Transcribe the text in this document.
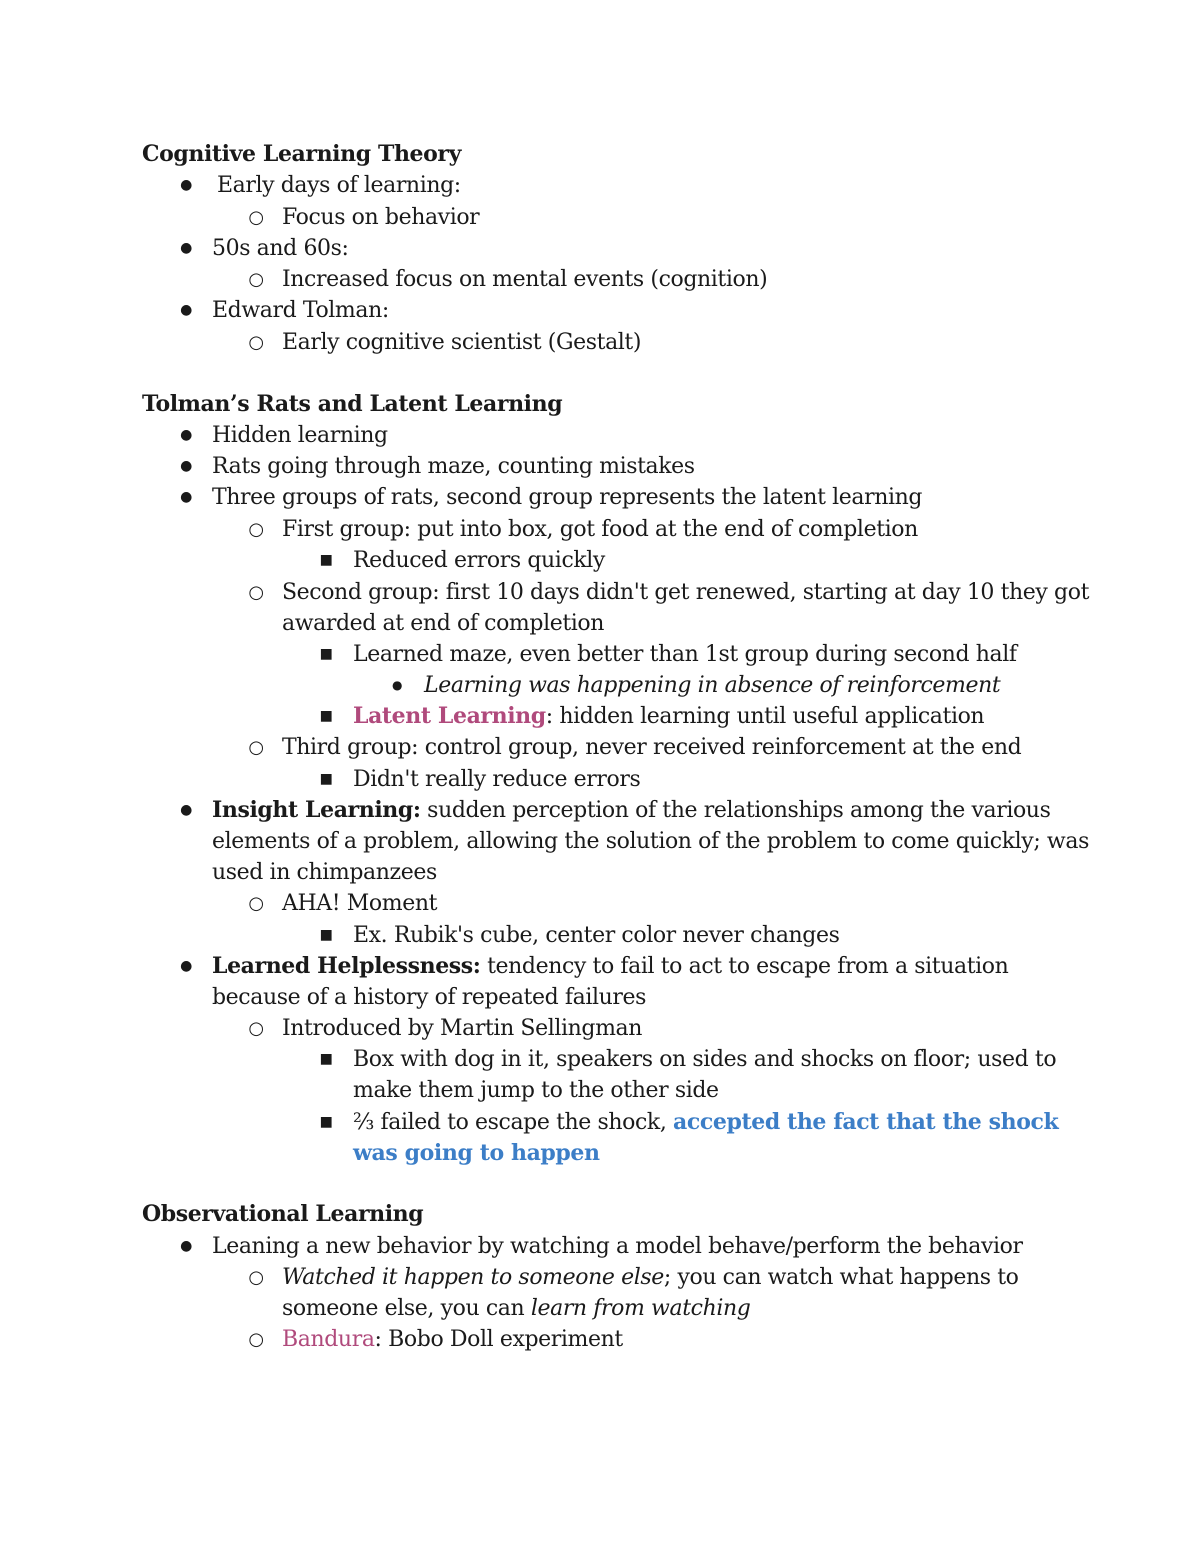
Cognitive Learning Theory
● Early days of learning:
○ Focus on behavior
● 50s and 60s:
○ Increased focus on mental events (cognition)
● Edward Tolman:
○ Early cognitive scientist (Gestalt)
Tolman’s Rats and Latent Learning
● Hidden learning
● Rats going through maze, counting mistakes
● Three groups of rats, second group represents the latent learning
○ First group: put into box, got food at the end of completion
■ Reduced errors quickly
○ Second group: first 10 days didn't get renewed, starting at day 10 they got
awarded at end of completion
■ Learned maze, even better than 1st group during second half
● Learning was happening in absence of reinforcement
■ Latent Learning: hidden learning until useful application
○ Third group: control group, never received reinforcement at the end
■ Didn't really reduce errors
● Insight Learning: sudden perception of the relationships among the various
elements of a problem, allowing the solution of the problem to come quickly; was
used in chimpanzees
○ AHA! Moment
■ Ex. Rubik's cube, center color never changes
● Learned Helplessness: tendency to fail to act to escape from a situation
because of a history of repeated failures
○ Introduced by Martin Sellingman
■ Box with dog in it, speakers on sides and shocks on floor; used to
make them jump to the other side
■ ⅔ failed to escape the shock, accepted the fact that the shock
was going to happen
Observational Learning
● Leaning a new behavior by watching a model behave/perform the behavior
○ Watched it happen to someone else; you can watch what happens to
someone else, you can learn from watching
○ Bandura: Bobo Doll experiment
